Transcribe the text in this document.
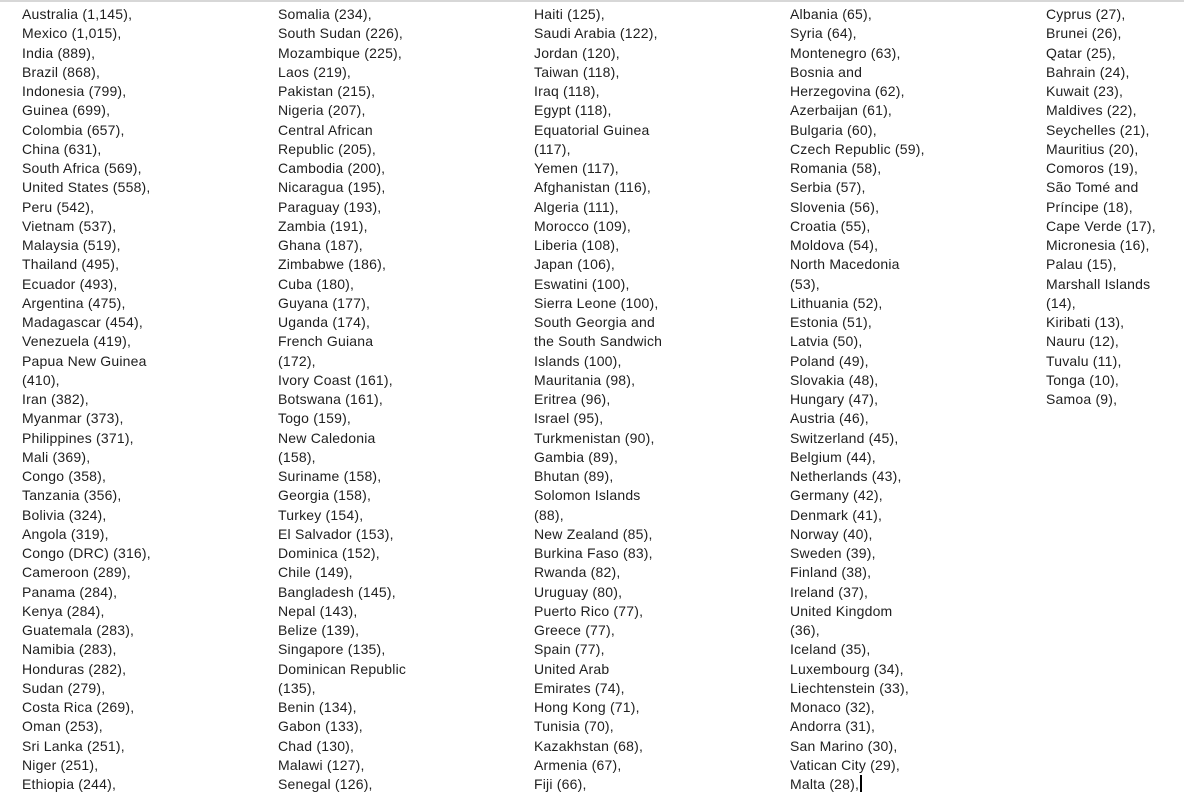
Australia (1,145),
Mexico (1,015),
India (889),
Brazil (868),
Indonesia (799),
Guinea (699),
Colombia (657),
China (631),
South Africa (569),
United States (558),
Peru (542),
Vietnam (537),
Malaysia (519),
Thailand (495),
Ecuador (493),
Argentina (475),
Madagascar (454),
Venezuela (419),
Papua New Guinea
(410),
Iran (382),
Myanmar (373),
Philippines (371),
Mali (369),
Congo (358),
Tanzania (356),
Bolivia (324),
Angola (319),
Congo (DRC) (316),
Cameroon (289),
Panama (284),
Kenya (284),
Guatemala (283),
Namibia (283),
Honduras (282),
Sudan (279),
Costa Rica (269),
Oman (253),
Sri Lanka (251),
Niger (251),
Ethiopia (244),
Somalia (234),
South Sudan (226),
Mozambique (225),
Laos (219),
Pakistan (215),
Nigeria (207),
Central African
Republic (205),
Cambodia (200),
Nicaragua (195),
Paraguay (193),
Zambia (191),
Ghana (187),
Zimbabwe (186),
Cuba (180),
Guyana (177),
Uganda (174),
French Guiana
(172),
Ivory Coast (161),
Botswana (161),
Togo (159),
New Caledonia
(158),
Suriname (158),
Georgia (158),
Turkey (154),
El Salvador (153),
Dominica (152),
Chile (149),
Bangladesh (145),
Nepal (143),
Belize (139),
Singapore (135),
Dominican Republic
(135),
Benin (134),
Gabon (133),
Chad (130),
Malawi (127),
Senegal (126),
Haiti (125),
Saudi Arabia (122),
Jordan (120),
Taiwan (118),
Iraq (118),
Egypt (118),
Equatorial Guinea
(117),
Yemen (117),
Afghanistan (116),
Algeria (111),
Morocco (109),
Liberia (108),
Japan (106),
Eswatini (100),
Sierra Leone (100),
South Georgia and
the South Sandwich
Islands (100),
Mauritania (98),
Eritrea (96),
Israel (95),
Turkmenistan (90),
Gambia (89),
Bhutan (89),
Solomon Islands
(88),
New Zealand (85),
Burkina Faso (83),
Rwanda (82),
Uruguay (80),
Puerto Rico (77),
Greece (77),
Spain (77),
United Arab
Emirates (74),
Hong Kong (71),
Tunisia (70),
Kazakhstan (68),
Armenia (67),
Fiji (66),
Albania (65),
Syria (64),
Montenegro (63),
Bosnia and
Herzegovina (62),
Azerbaijan (61),
Bulgaria (60),
Czech Republic (59),
Romania (58),
Serbia (57),
Slovenia (56),
Croatia (55),
Moldova (54),
North Macedonia
(53),
Lithuania (52),
Estonia (51),
Latvia (50),
Poland (49),
Slovakia (48),
Hungary (47),
Austria (46),
Switzerland (45),
Belgium (44),
Netherlands (43),
Germany (42),
Denmark (41),
Norway (40),
Sweden (39),
Finland (38),
Ireland (37),
United Kingdom
(36),
Iceland (35),
Luxembourg (34),
Liechtenstein (33),
Monaco (32),
Andorra (31),
San Marino (30),
Vatican City (29),
Malta (28),
Cyprus (27),
Brunei (26),
Qatar (25),
Bahrain (24),
Kuwait (23),
Maldives (22),
Seychelles (21),
Mauritius (20),
Comoros (19),
São Tomé and
Príncipe (18),
Cape Verde (17),
Micronesia (16),
Palau (15),
Marshall Islands
(14),
Kiribati (13),
Nauru (12),
Tuvalu (11),
Tonga (10),
Samoa (9),
